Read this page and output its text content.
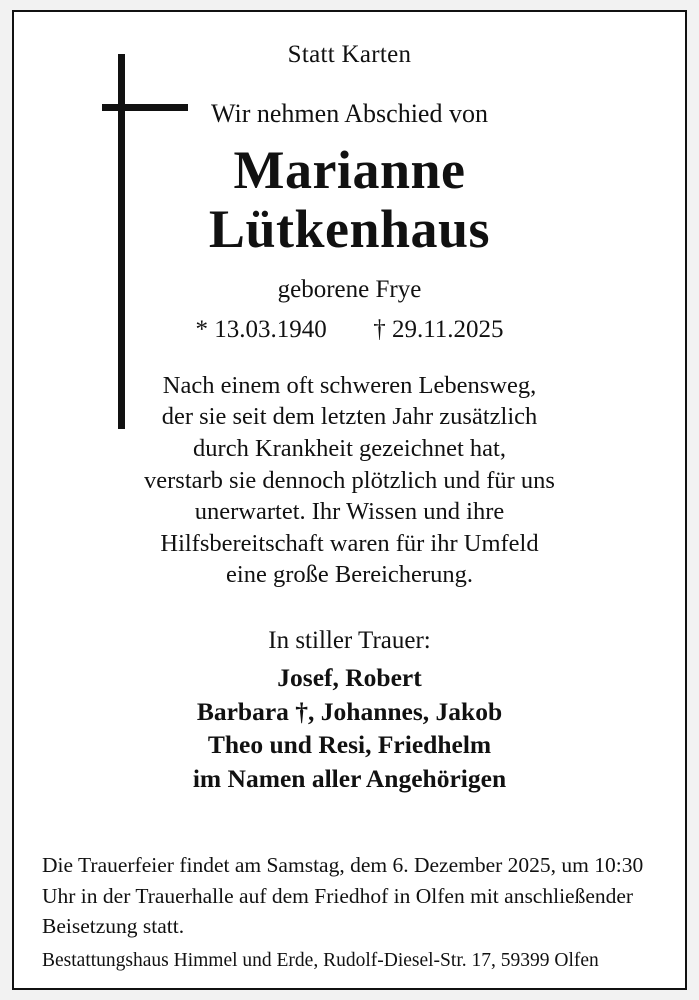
Statt Karten
Wir nehmen Abschied von
Marianne
Lütkenhaus
geborene Frye
* 13.03.1940 † 29.11.2025
Nach einem oft schweren Lebensweg,
der sie seit dem letzten Jahr zusätzlich
durch Krankheit gezeichnet hat,
verstarb sie dennoch plötzlich und für uns
unerwartet. Ihr Wissen und ihre
Hilfsbereitschaft waren für ihr Umfeld
eine große Bereicherung.
In stiller Trauer:
Josef, Robert
Barbara †, Johannes, Jakob
Theo und Resi, Friedhelm
im Namen aller Angehörigen
Die Trauerfeier findet am Samstag, dem 6. Dezember 2025, um 10:30 Uhr in der Trauerhalle auf dem Friedhof in Olfen mit anschließender Beisetzung statt.
Bestattungshaus Himmel und Erde, Rudolf-Diesel-Str. 17, 59399 Olfen
